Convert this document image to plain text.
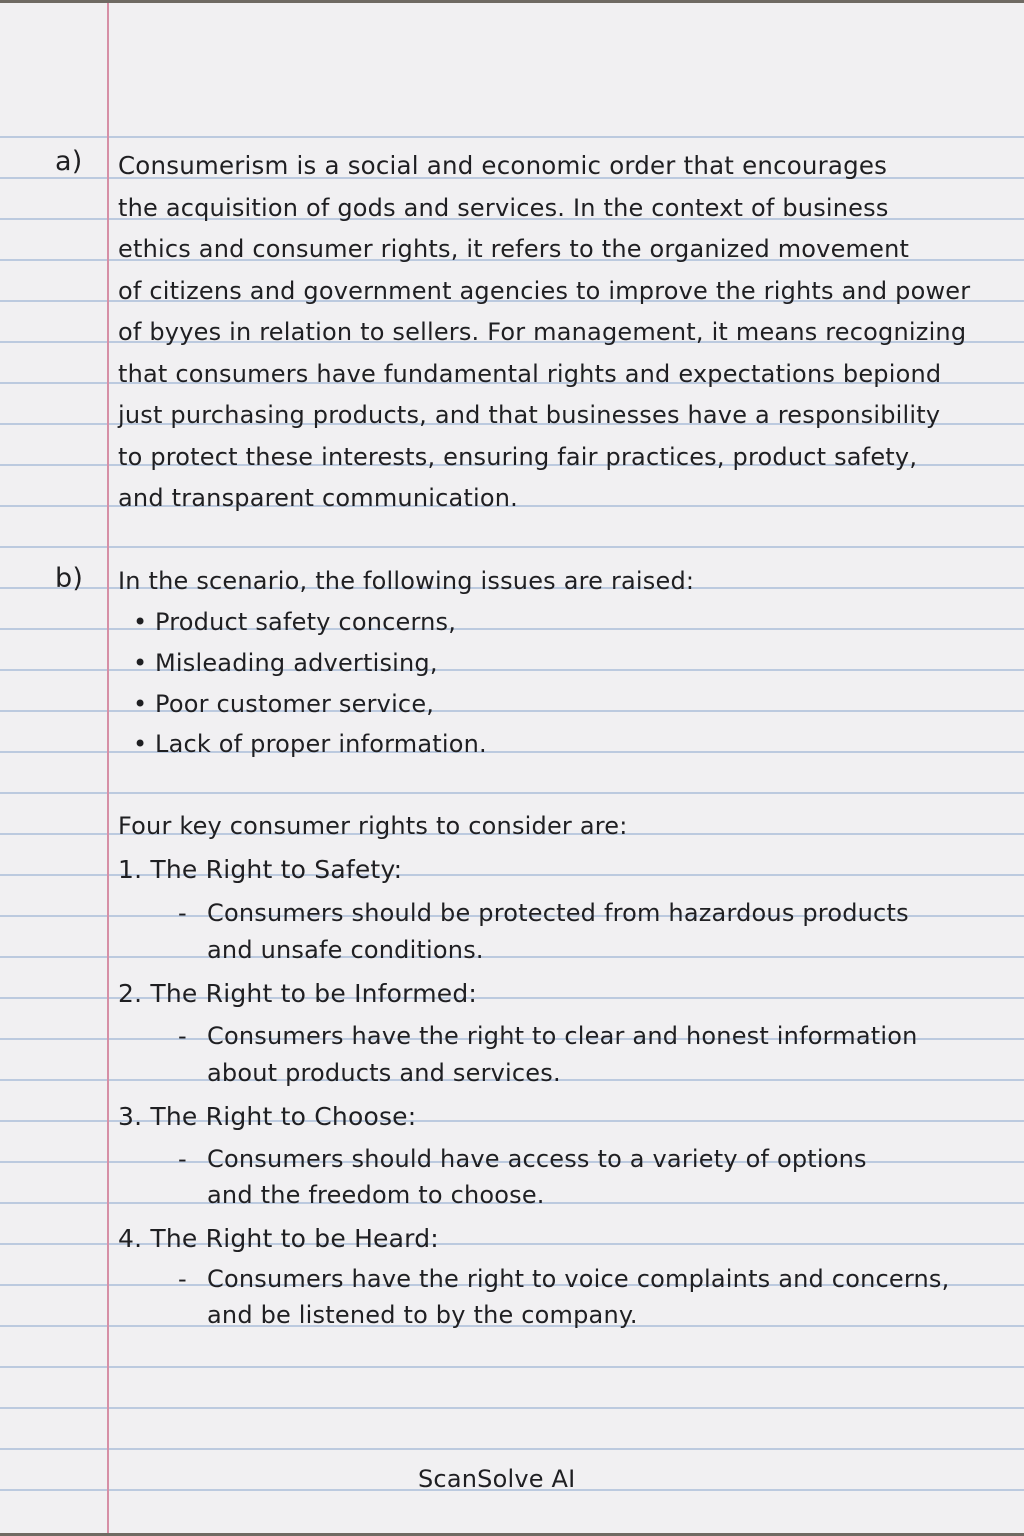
a) Consumerism is a social and economic order that encourages
the acquisition of gods and services. In the context of business
ethics and consumer rights, it refers to the organized movement
of citizens and government agencies to improve the rights and power
of byyes in relation to sellers. For management, it means recognizing
that consumers have fundamental rights and expectations bepiond
just purchasing products, and that businesses have a responsibility
to protect these interests, ensuring fair practices, product safety,
and transparent communication.
b) In the scenario, the following issues are raised:
• Product safety concerns,
• Misleading advertising,
• Poor customer service,
• Lack of proper information.
Four key consumer rights to consider are:
1. The Right to Safety:
- Consumers should be protected from hazardous products
and unsafe conditions.
2. The Right to be Informed:
- Consumers have the right to clear and honest information
about products and services.
3. The Right to Choose:
- Consumers should have access to a variety of options
and the freedom to choose.
4. The Right to be Heard:
- Consumers have the right to voice complaints and concerns,
and be listened to by the company.
ScanSolve AI
